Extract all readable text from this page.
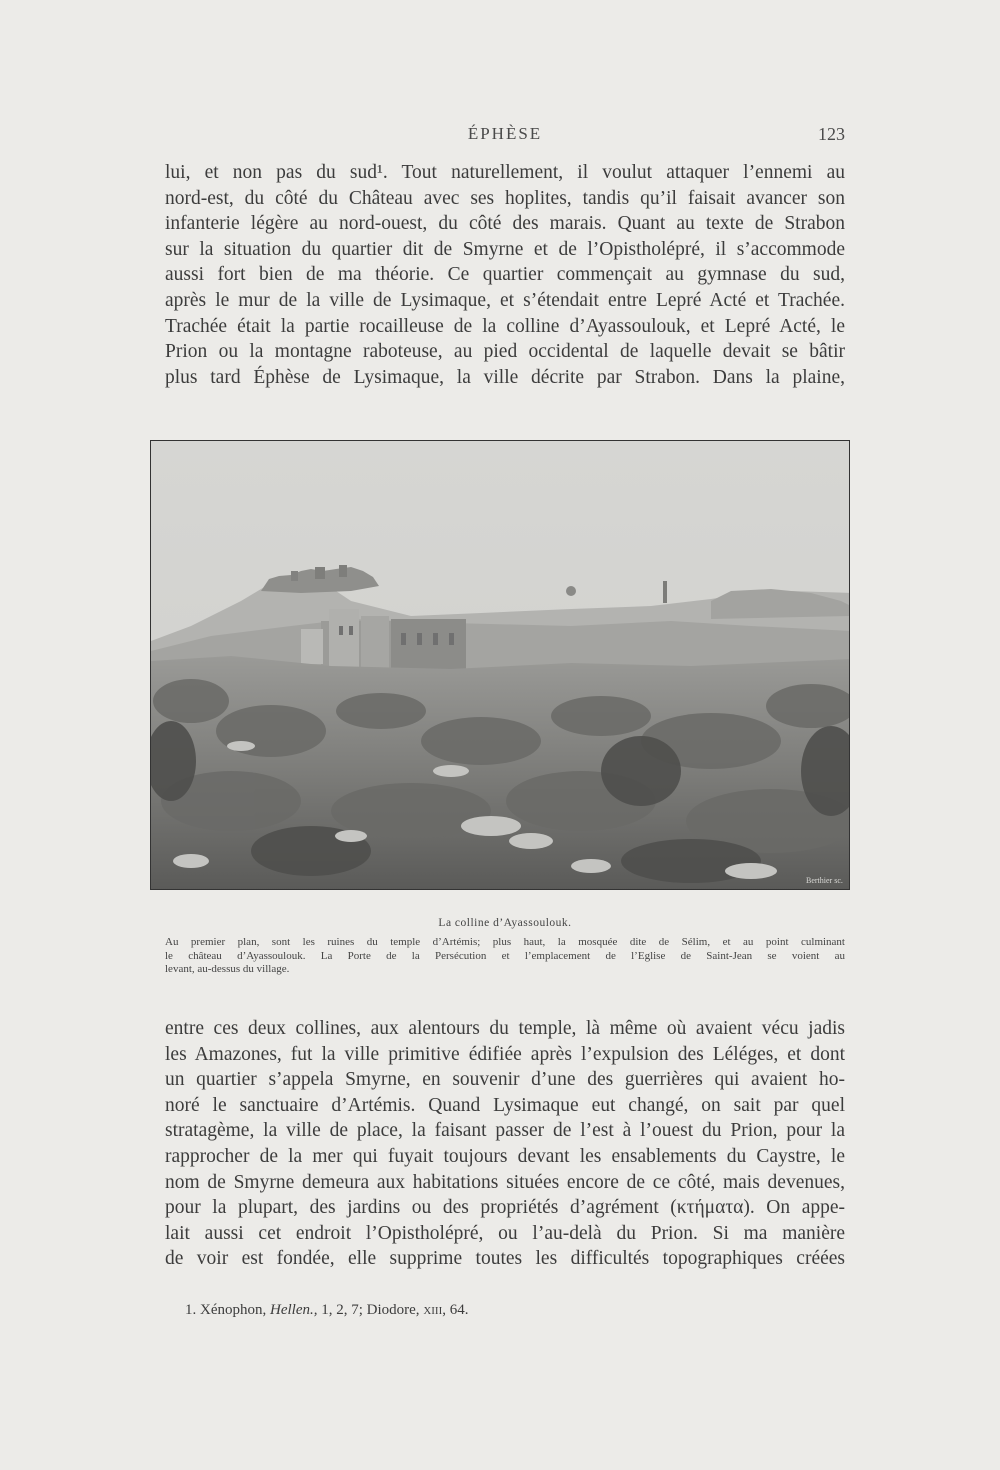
ÉPHÈSE	123
lui, et non pas du sud¹. Tout naturellement, il voulut attaquer l’ennemi au
nord-est, du côté du Château avec ses hoplites, tandis qu’il faisait avancer son
infanterie légère au nord-ouest, du côté des marais. Quant au texte de Strabon
sur la situation du quartier dit de Smyrne et de l’Opistholépré, il s’accommode
aussi fort bien de ma théorie. Ce quartier commençait au gymnase du sud,
après le mur de la ville de Lysimaque, et s’étendait entre Lepré Acté et Trachée.
Trachée était la partie rocailleuse de la colline d’Ayassoulouk, et Lepré Acté, le
Prion ou la montagne raboteuse, au pied occidental de laquelle devait se bâtir
plus tard Éphèse de Lysimaque, la ville décrite par Strabon. Dans la plaine,
Berthier sc.
La colline d’Ayassoulouk.
Au premier plan, sont les ruines du temple d’Artémis; plus haut, la mosquée dite de Sélim, et au point culminant
le château d’Ayassoulouk. La Porte de la Persécution et l’emplacement de l’Eglise de Saint-Jean se voient au
levant, au-dessus du village.
entre ces deux collines, aux alentours du temple, là même où avaient vécu jadis
les Amazones, fut la ville primitive édifiée après l’expulsion des Léléges, et dont
un quartier s’appela Smyrne, en souvenir d’une des guerrières qui avaient ho-
noré le sanctuaire d’Artémis. Quand Lysimaque eut changé, on sait par quel
stratagème, la ville de place, la faisant passer de l’est à l’ouest du Prion, pour la
rapprocher de la mer qui fuyait toujours devant les ensablements du Caystre, le
nom de Smyrne demeura aux habitations situées encore de ce côté, mais devenues,
pour la plupart, des jardins ou des propriétés d’agrément (κτήματα). On appe-
lait aussi cet endroit l’Opistholépré, ou l’au-delà du Prion. Si ma manière
de voir est fondée, elle supprime toutes les difficultés topographiques créées
1. Xénophon, Hellen., 1, 2, 7; Diodore, xiii, 64.
